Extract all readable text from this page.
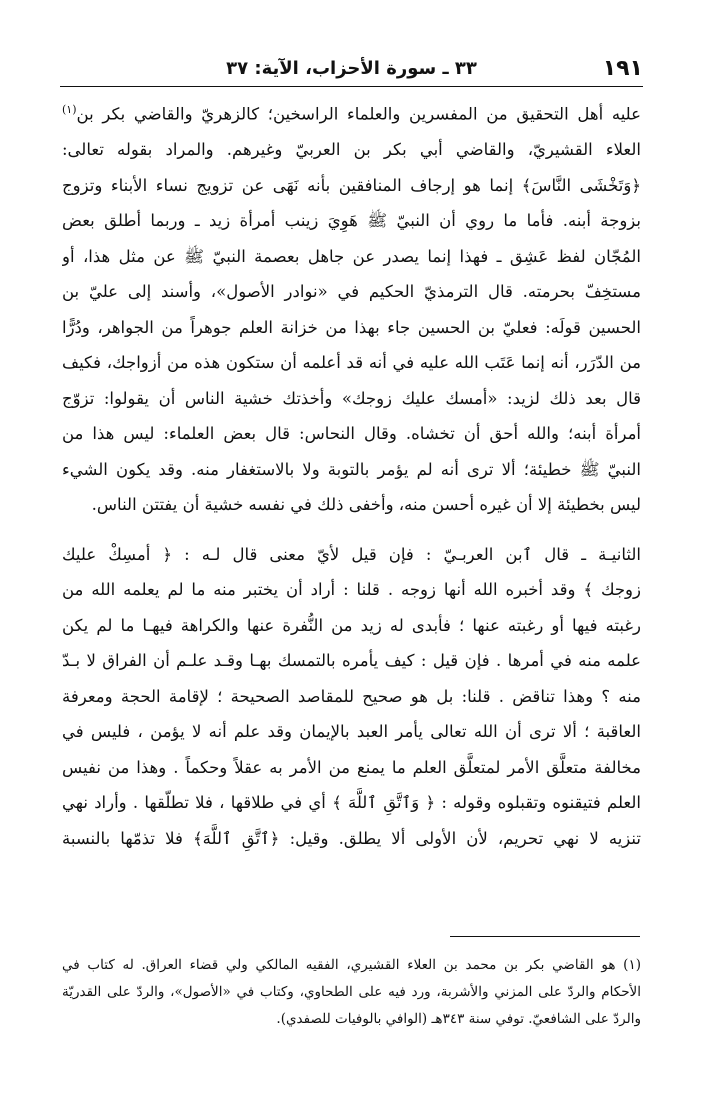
١٩١
٣٣ ـ سورة الأحزاب، الآية: ٣٧
عليه أهل التحقيق من المفسرين والعلماء الراسخين؛ كالزهريّ والقاضي بكر بن$^{(١)}$
العلاء القشيريّ، والقاضي أبي بكر بن العربيّ وغيرهم. والمراد بقوله تعالى:
﴿وَتَخْشَى النَّاسَ﴾ إنما هو إرجاف المنافقين بأنه نَهَى عن تزويج نساء الأبناء وتزوج
بزوجة أبنه. فأما ما روي أن النبيّ ﷺ هَوِيَ زينب أمرأة زيد ـ وربما أطلق بعض
المُجّان لفظ عَشِق ـ فهذا إنما يصدر عن جاهل بعصمة النبيّ ﷺ عن مثل هذا، أو
مستخِفّ بحرمته. قال الترمذيّ الحكيم في «نوادر الأصول»، وأسند إلى عليّ بن
الحسين قولَه: فعليّ بن الحسين جاء بهذا من خزانة العلم جوهراً من الجواهر، ودُرًّا
من الدّرَر، أنه إنما عَتَب الله عليه في أنه قد أعلمه أن ستكون هذه من أزواجك، فكيف
قال بعد ذلك لزيد: «أمسك عليك زوجك» وأخذتك خشية الناس أن يقولوا: تزوّج
أمرأة أبنه؛ والله أحق أن تخشاه. وقال النحاس: قال بعض العلماء: ليس هذا من
النبيّ ﷺ خطيئة؛ ألا ترى أنه لم يؤمر بالتوبة ولا بالاستغفار منه. وقد يكون الشيء
ليس بخطيئة إلا أن غيره أحسن منه، وأخفى ذلك في نفسه خشية أن يفتتن الناس.
الثانيـة ـ قال ٱبن العربـيّ : فإن قيل لأيّ معنى قال لـه : ﴿ أمسِكْ عليك
زوجك ﴾ وقد أخبره الله أنها زوجه . قلنا : أراد أن يختبر منه ما لم يعلمه الله من
رغبته فيها أو رغبته عنها ؛ فأبدى له زيد من النُّفرة عنها والكراهة فيهـا ما لم يكن
علمه منه في أمرها . فإن قيل : كيف يأمره بالتمسك بهـا وقـد علـم أن الفراق لا بـدّ
منه ؟ وهذا تناقض . قلنا: بل هو صحيح للمقاصد الصحيحة ؛ لإقامة الحجة ومعرفة
العاقبة ؛ ألا ترى أن الله تعالى يأمر العبد بالإيمان وقد علم أنه لا يؤمن ، فليس في
مخالفة متعلَّق الأمر لمتعلَّق العلم ما يمنع من الأمر به عقلاً وحكماً . وهذا من نفيس
العلم فتيقنوه وتقبلوه وقوله : ﴿ وَٱتَّقِ ٱللَّهَ ﴾ أي في طلاقها ، فلا تطلّقها . وأراد نهي
تنزيه لا نهي تحريم، لأن الأولى ألا يطلق. وقيل: ﴿ٱتَّقِ ٱللَّهَ﴾ فلا تذمّها بالنسبة
(١) هو القاضي بكر بن محمد بن العلاء القشيري، الفقيه المالكي ولي قضاء العراق. له كتاب في
الأحكام والردّ على المزني والأشربة، ورد فيه على الطحاوي، وكتاب في «الأصول»، والردّ على القدريّة
والردّ على الشافعيّ. توفي سنة ٣٤٣هـ (الوافي بالوفيات للصفدي).
